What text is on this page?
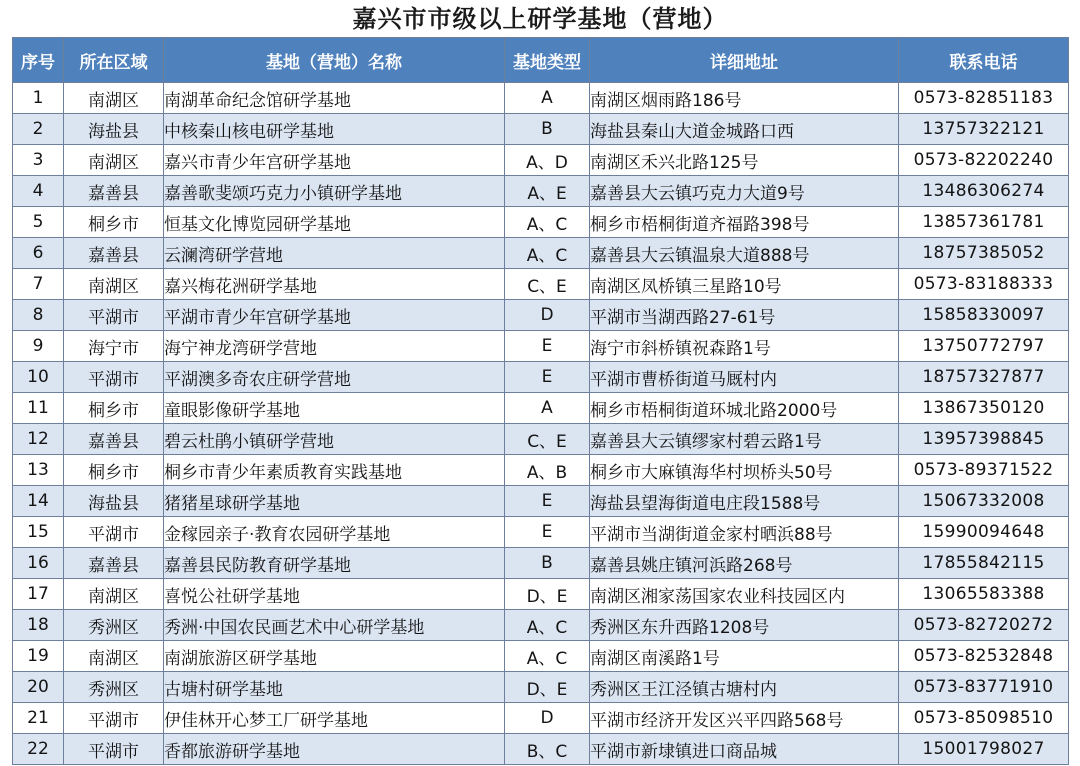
嘉兴市市级以上研学基地（营地）
序号	所在区域	基地（营地）名称	基地类型	详细地址	联系电话
1	南湖区	南湖革命纪念馆研学基地	A	南湖区烟雨路186号	0573-82851183
2	海盐县	中核秦山核电研学基地	B	海盐县秦山大道金城路口西	13757322121
3	南湖区	嘉兴市青少年宫研学基地	A、D	南湖区禾兴北路125号	0573-82202240
4	嘉善县	嘉善歌斐颂巧克力小镇研学基地	A、E	嘉善县大云镇巧克力大道9号	13486306274
5	桐乡市	恒基文化博览园研学基地	A、C	桐乡市梧桐街道齐福路398号	13857361781
6	嘉善县	云澜湾研学营地	A、C	嘉善县大云镇温泉大道888号	18757385052
7	南湖区	嘉兴梅花洲研学基地	C、E	南湖区凤桥镇三星路10号	0573-83188333
8	平湖市	平湖市青少年宫研学基地	D	平湖市当湖西路27-61号	15858330097
9	海宁市	海宁神龙湾研学营地	E	海宁市斜桥镇祝森路1号	13750772797
10	平湖市	平湖澳多奇农庄研学营地	E	平湖市曹桥街道马厩村内	18757327877
11	桐乡市	童眼影像研学基地	A	桐乡市梧桐街道环城北路2000号	13867350120
12	嘉善县	碧云杜鹃小镇研学营地	C、E	嘉善县大云镇缪家村碧云路1号	13957398845
13	桐乡市	桐乡市青少年素质教育实践基地	A、B	桐乡市大麻镇海华村坝桥头50号	0573-89371522
14	海盐县	猪猪星球研学基地	E	海盐县望海街道电庄段1588号	15067332008
15	平湖市	金稼园亲子·教育农园研学基地	E	平湖市当湖街道金家村晒浜88号	15990094648
16	嘉善县	嘉善县民防教育研学基地	B	嘉善县姚庄镇河浜路268号	17855842115
17	南湖区	喜悦公社研学基地	D、E	南湖区湘家荡国家农业科技园区内	13065583388
18	秀洲区	秀洲·中国农民画艺术中心研学基地	A、C	秀洲区东升西路1208号	0573-82720272
19	南湖区	南湖旅游区研学基地	A、C	南湖区南溪路1号	0573-82532848
20	秀洲区	古塘村研学基地	D、E	秀洲区王江泾镇古塘村内	0573-83771910
21	平湖市	伊佳林开心梦工厂研学基地	D	平湖市经济开发区兴平四路568号	0573-85098510
22	平湖市	香都旅游研学基地	B、C	平湖市新埭镇进口商品城	15001798027
